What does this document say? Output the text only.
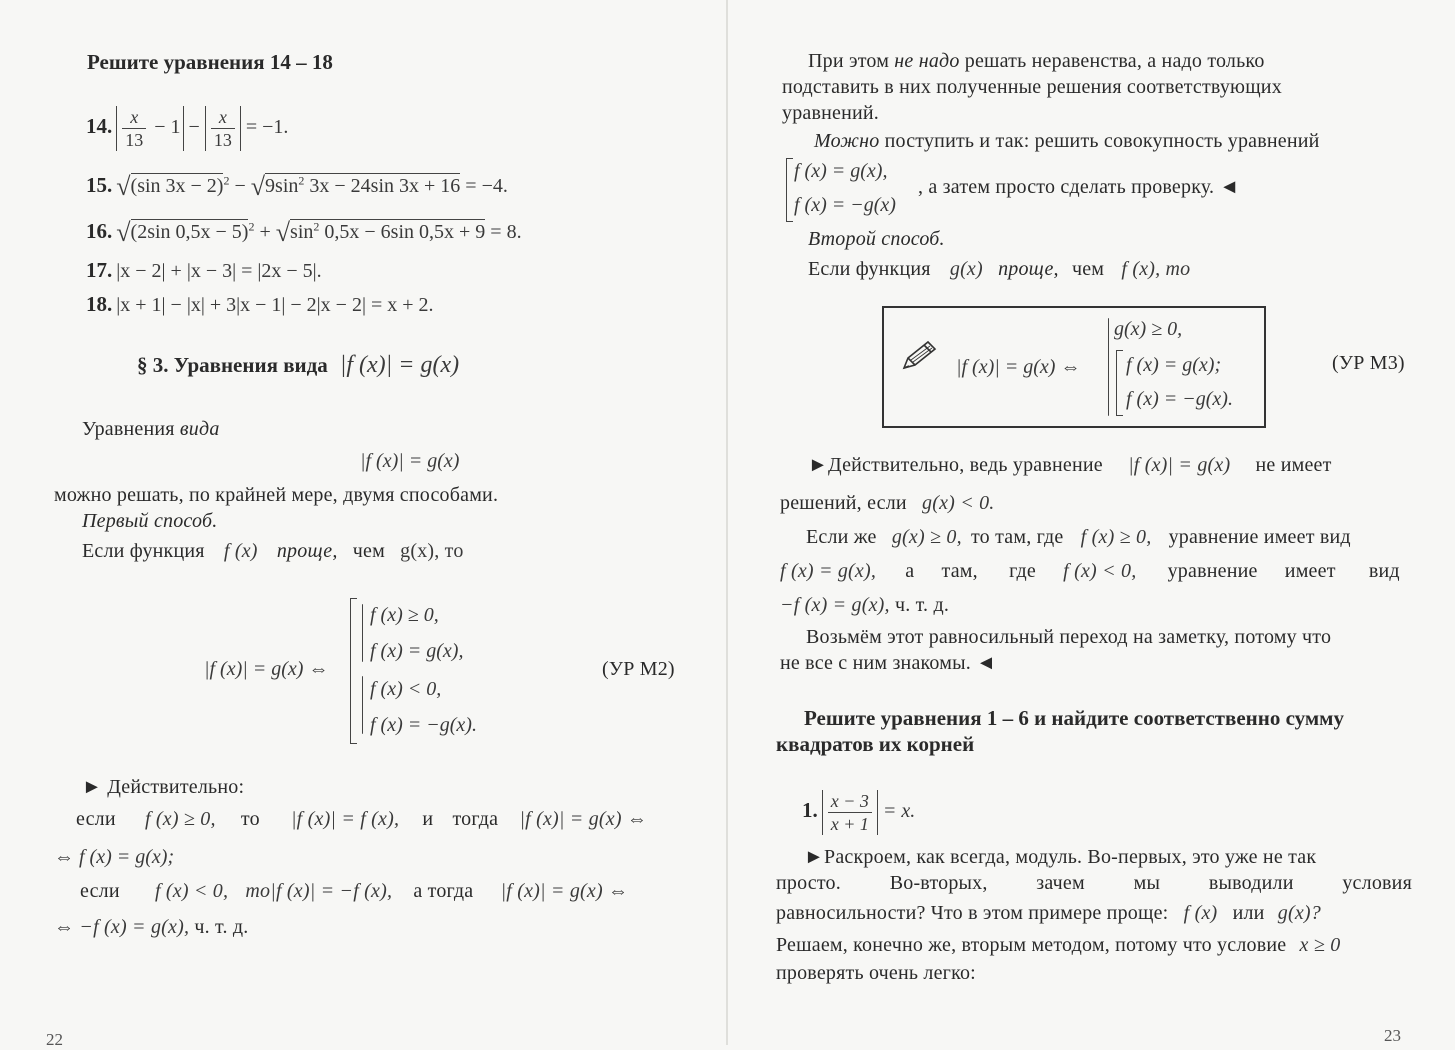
Решите уравнения 14 – 18
14. $\frac{x}{13} - 1 - \frac{x}{13} = -1$.
15. √(sin $3x - 2)^2 - √9\sin^2$ 3x − 24sin 3x + 16 = −4.
16. √(2sin $0,5x - 5)^2 + √\sin^2$ 0,5x − 6sin 0,5x + 9 = 8.
17. |x − 2| + |x − 3| = |2x − 5|.
18. |x + 1| − |x| + 3|x − 1| − 2|x − 2| = x + 2.
§ 3. Уравнения вида |f (x)| = g(x)
Уравнения вида
|f (x)| = g(x)
можно решать, по крайней мере, двумя способами.
Первый способ.
Если функция f (x) проще, чем g(x), то
|f (x)| = g(x) ⇔
f (x) ≥ 0,
f (x) = g(x),
f (x) < 0,
f (x) = −g(x).
(УР М2)
► Действительно:
если f (x) ≥ 0, то |f (x)| = f (x), и тогда |f (x)| = g(x) ⇔
⇔ f (x) = g(x);
если f (x) < 0, то|f (x)| = −f (x), а тогда |f (x)| = g(x) ⇔
⇔ −f (x) = g(x), ч. т. д.
22
При этом не надо решать неравенства, а надо только
подставить в них полученные решения соответствующих
уравнений.
Можно поступить и так: решить совокупность уравнений
f (x) = g(x),
f (x) = −g(x)
, а затем просто сделать проверку. ◄
Второй способ.
Если функция g(x) проще, чем f (x), то
|f (x)| = g(x) ⇔
g(x) ≥ 0,
f (x) = g(x);
f (x) = −g(x).
(УР М3)
►Действительно, ведь уравнение |f (x)| = g(x) не имеет
решений, если g(x) < 0.
Если же g(x) ≥ 0, то там, где f (x) ≥ 0, уравнение имеет вид
f (x) = g(x), а там, где f (x) < 0, уравнение имеет вид
−f (x) = g(x), ч. т. д.
Возьмём этот равносильный переход на заметку, потому что
не все с ним знакомы. ◄
Решите уравнения 1 – 6 и найдите соответственно сумму
квадратов их корней
1. $\frac{x - 3}{x + 1} = x$.
►Раскроем, как всегда, модуль. Во-первых, это уже не так
просто. Во-вторых, зачем мы выводили условия
равносильности? Что в этом примере проще: f (x) или g(x)?
Решаем, конечно же, вторым методом, потому что условие x ≥ 0
проверять очень легко:
23
